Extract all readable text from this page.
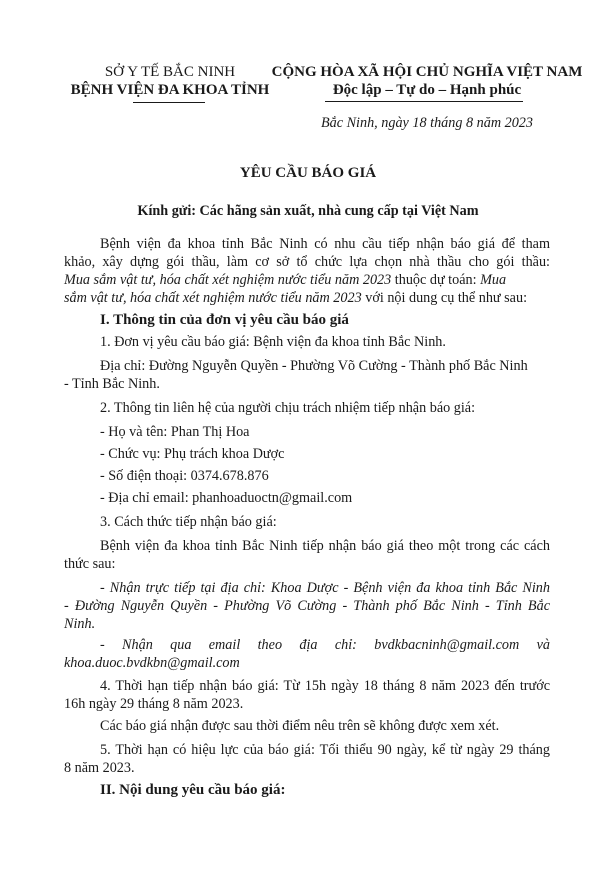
SỞ Y TẾ BẮC NINH
BỆNH VIỆN ĐA KHOA TỈNH
CỘNG HÒA XÃ HỘI CHỦ NGHĨA VIỆT NAM
Độc lập – Tự do – Hạnh phúc
Bắc Ninh, ngày 18 tháng 8 năm 2023
YÊU CẦU BÁO GIÁ
Kính gửi: Các hãng sản xuất, nhà cung cấp tại Việt Nam
Bệnh viện đa khoa tỉnh Bắc Ninh có nhu cầu tiếp nhận báo giá để tham
khảo, xây dựng gói thầu, làm cơ sở tổ chức lựa chọn nhà thầu cho gói thầu:
Mua sắm vật tư, hóa chất xét nghiệm nước tiểu năm 2023 thuộc dự toán: Mua
sắm vật tư, hóa chất xét nghiệm nước tiểu năm 2023 với nội dung cụ thể như sau:
I. Thông tin của đơn vị yêu cầu báo giá
1. Đơn vị yêu cầu báo giá: Bệnh viện đa khoa tỉnh Bắc Ninh.
Địa chỉ: Đường Nguyễn Quyền - Phường Võ Cường - Thành phố Bắc Ninh
- Tỉnh Bắc Ninh.
2. Thông tin liên hệ của người chịu trách nhiệm tiếp nhận báo giá:
- Họ và tên: Phan Thị Hoa
- Chức vụ: Phụ trách khoa Dược
- Số điện thoại: 0374.678.876
- Địa chỉ email: phanhoaduoctn@gmail.com
3. Cách thức tiếp nhận báo giá:
Bệnh viện đa khoa tỉnh Bắc Ninh tiếp nhận báo giá theo một trong các cách
thức sau:
- Nhận trực tiếp tại địa chỉ: Khoa Dược - Bệnh viện đa khoa tỉnh Bắc Ninh
- Đường Nguyễn Quyền - Phường Võ Cường - Thành phố Bắc Ninh - Tỉnh Bắc
Ninh.
- Nhận qua email theo địa chỉ: bvdkbacninh@gmail.com và
khoa.duoc.bvdkbn@gmail.com
4. Thời hạn tiếp nhận báo giá: Từ 15h ngày 18 tháng 8 năm 2023 đến trước
16h ngày 29 tháng 8 năm 2023.
Các báo giá nhận được sau thời điểm nêu trên sẽ không được xem xét.
5. Thời hạn có hiệu lực của báo giá: Tối thiểu 90 ngày, kể từ ngày 29 tháng
8 năm 2023.
II. Nội dung yêu cầu báo giá:
